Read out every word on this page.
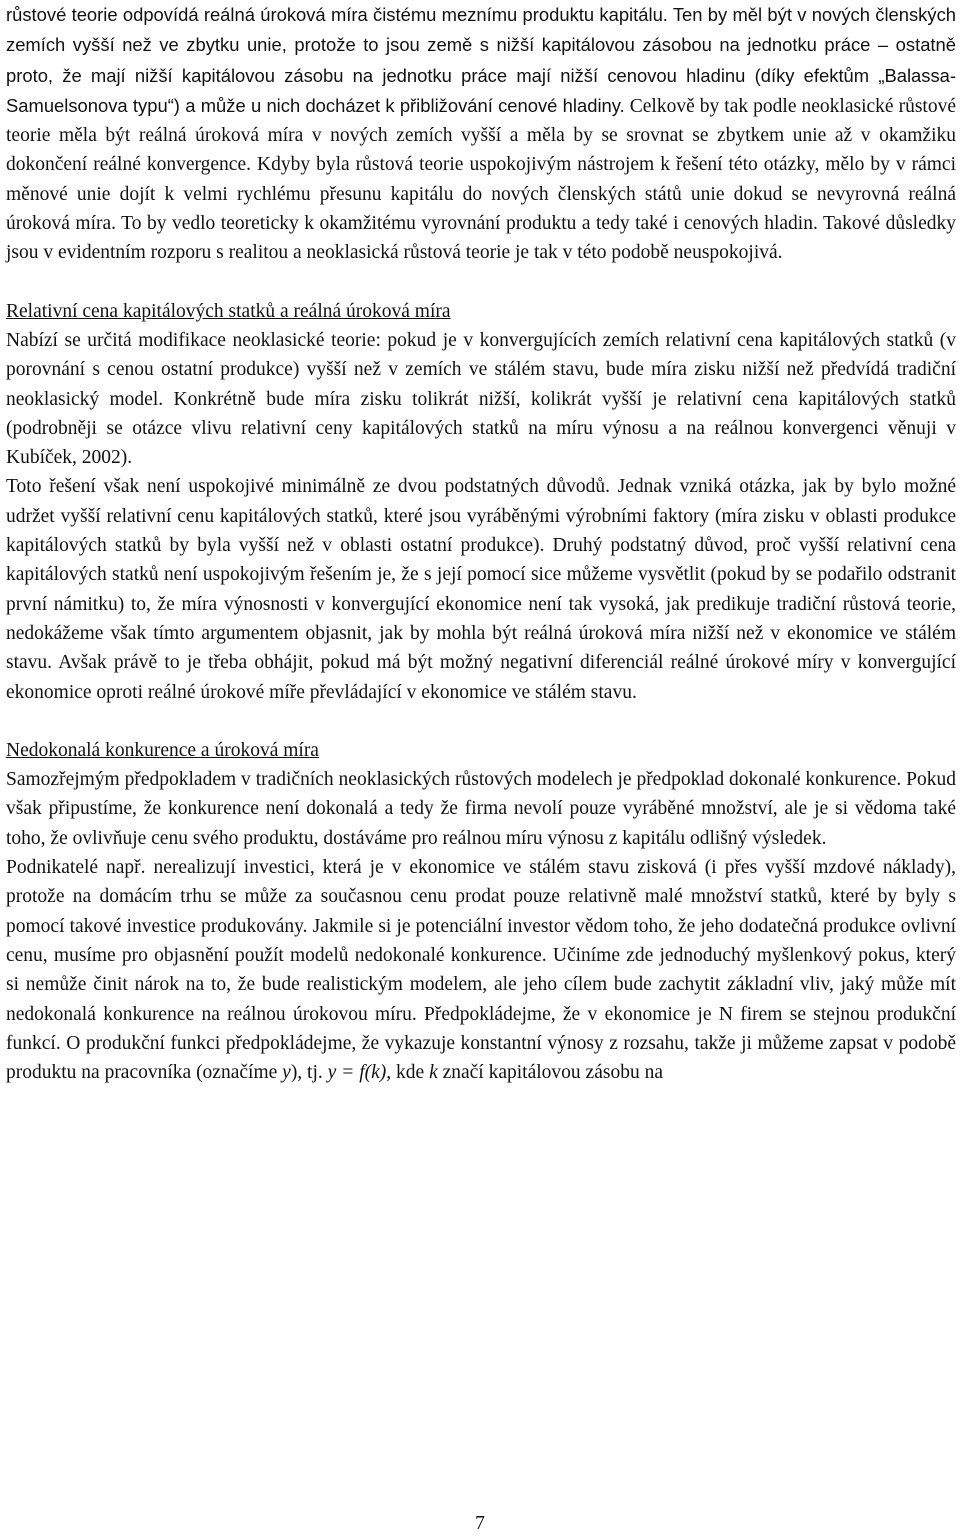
růstové teorie odpovídá reálná úroková míra čistému meznímu produktu kapitálu. Ten by měl být v nových členských zemích vyšší než ve zbytku unie, protože to jsou země s nižší kapitálovou zásobou na jednotku práce – ostatně proto, že mají nižší kapitálovou zásobu na jednotku práce mají nižší cenovou hladinu (díky efektům „Balassa-Samuelsonova typu“) a může u nich docházet k přibližování cenové hladiny. Celkově by tak podle neoklasické růstové teorie měla být reálná úroková míra v nových zemích vyšší a měla by se srovnat se zbytkem unie až v okamžiku dokončení reálné konvergence. Kdyby byla růstová teorie uspokojivým nástrojem k řešení této otázky, mělo by v rámci měnové unie dojít k velmi rychlému přesunu kapitálu do nových členských států unie dokud se nevyrovná reálná úroková míra. To by vedlo teoreticky k okamžitému vyrovnání produktu a tedy také i cenových hladin. Takové důsledky jsou v evidentním rozporu s realitou a neoklasická růstová teorie je tak v této podobě neuspokojivá.

Relativní cena kapitálových statků a reálná úroková míra

Nabízí se určitá modifikace neoklasické teorie: pokud je v konvergujících zemích relativní cena kapitálových statků (v porovnání s cenou ostatní produkce) vyšší než v zemích ve stálém stavu, bude míra zisku nižší než předvídá tradiční neoklasický model. Konkrétně bude míra zisku tolikrát nižší, kolikrát vyšší je relativní cena kapitálových statků (podrobněji se otázce vlivu relativní ceny kapitálových statků na míru výnosu a na reálnou konvergenci věnuji v Kubíček, 2002).

Toto řešení však není uspokojivé minimálně ze dvou podstatných důvodů. Jednak vzniká otázka, jak by bylo možné udržet vyšší relativní cenu kapitálových statků, které jsou vyráběnými výrobními faktory (míra zisku v oblasti produkce kapitálových statků by byla vyšší než v oblasti ostatní produkce). Druhý podstatný důvod, proč vyšší relativní cena kapitálových statků není uspokojivým řešením je, že s její pomocí sice můžeme vysvětlit (pokud by se podařilo odstranit první námitku) to, že míra výnosnosti v konvergující ekonomice není tak vysoká, jak predikuje tradiční růstová teorie, nedokážeme však tímto argumentem objasnit, jak by mohla být reálná úroková míra nižší než v ekonomice ve stálém stavu. Avšak právě to je třeba obhájit, pokud má být možný negativní diferenciál reálné úrokové míry v konvergující ekonomice oproti reálné úrokové míře převládající v ekonomice ve stálém stavu.

Nedokonalá konkurence a úroková míra

Samozřejmým předpokladem v tradičních neoklasických růstových modelech je předpoklad dokonalé konkurence. Pokud však připustíme, že konkurence není dokonalá a tedy že firma nevolí pouze vyráběné množství, ale je si vědoma také toho, že ovlivňuje cenu svého produktu, dostáváme pro reálnou míru výnosu z kapitálu odlišný výsledek.

Podnikatelé např. nerealizují investici, která je v ekonomice ve stálém stavu zisková (i přes vyšší mzdové náklady), protože na domácím trhu se může za současnou cenu prodat pouze relativně malé množství statků, které by byly s pomocí takové investice produkovány. Jakmile si je potenciální investor vědom toho, že jeho dodatečná produkce ovlivní cenu, musíme pro objasnění použít modelů nedokonalé konkurence. Učiníme zde jednoduchý myšlenkový pokus, který si nemůže činit nárok na to, že bude realistickým modelem, ale jeho cílem bude zachytit základní vliv, jaký může mít nedokonalá konkurence na reálnou úrokovou míru. Předpokládejme, že v ekonomice je N firem se stejnou produkční funkcí. O produkční funkci předpokládejme, že vykazuje konstantní výnosy z rozsahu, takže ji můžeme zapsat v podobě produktu na pracovníka (označíme y), tj. y = f(k), kde k značí kapitálovou zásobu na

7
